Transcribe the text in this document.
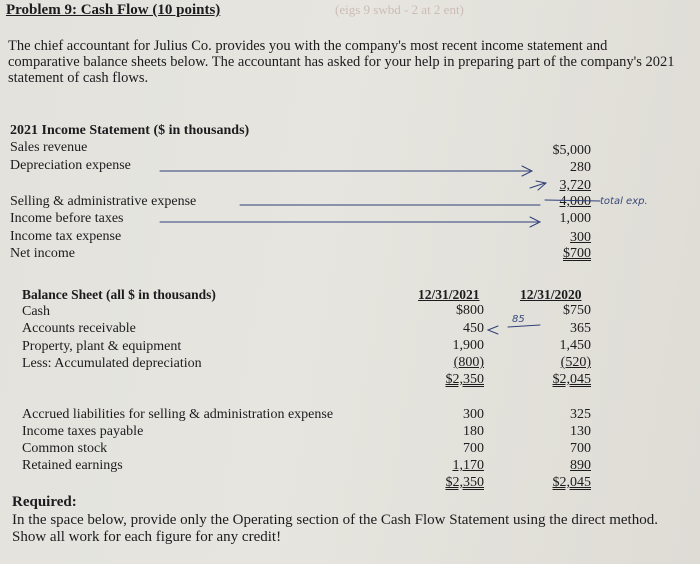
Problem 9: Cash Flow (10 points)	(eigs 9 swbd - 2 at 2 ent)
The chief accountant for Julius Co. provides you with the company's most recent income statement and comparative balance sheets below. The accountant has asked for your help in preparing part of the company's 2021 statement of cash flows.
2021 Income Statement ($ in thousands)
Sales revenue	$5,000
Depreciation expense	280
3,720
Selling & administrative expense	4,000
Income before taxes	1,000
Income tax expense	300
Net income	$700
total exp.
Balance Sheet (all $ in thousands)	12/31/2021	12/31/2020
Cash	$800	$750
Accounts receivable	450	365
85
Property, plant & equipment	1,900	1,450
Less: Accumulated depreciation	(800)	(520)
$2,350	$2,045
Accrued liabilities for selling & administration expense	300	325
Income taxes payable	180	130
Common stock	700	700
Retained earnings	1,170	890
$2,350	$2,045
Required:
In the space below, provide only the Operating section of the Cash Flow Statement using the direct method. Show all work for each figure for any credit!
